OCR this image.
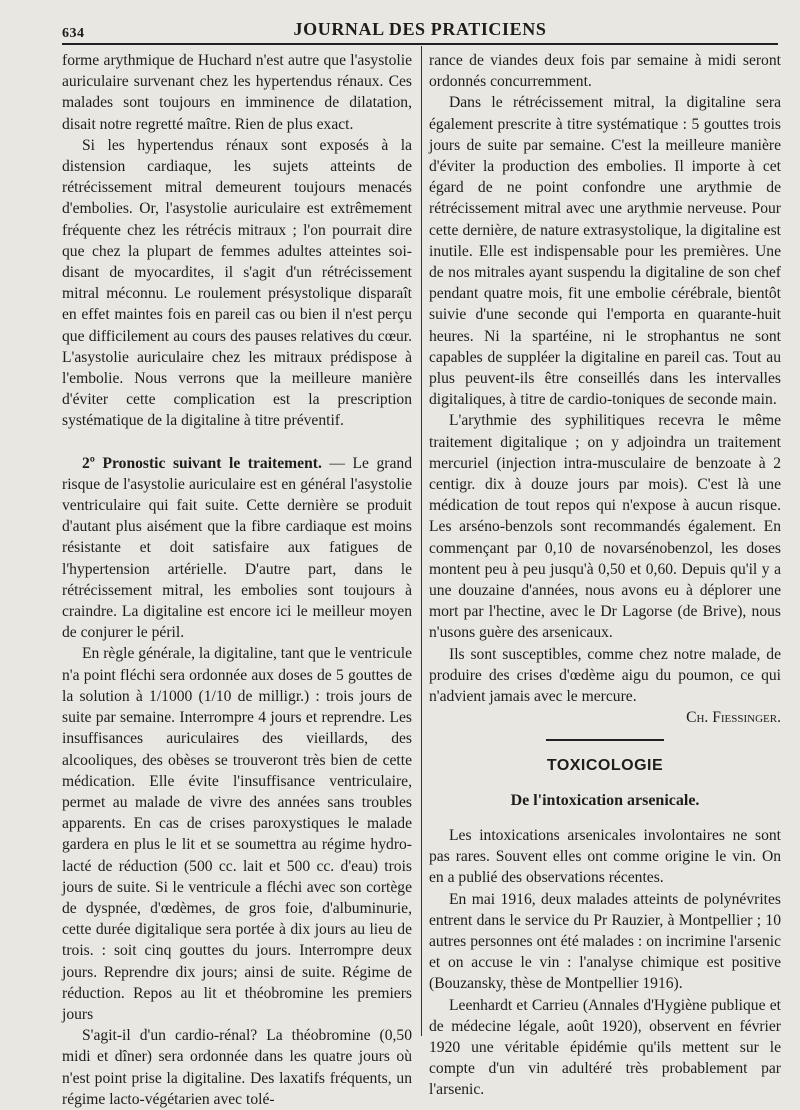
634	JOURNAL DES PRATICIENS

forme arythmique de Huchard n'est autre que l'asystolie auriculaire survenant chez les hypertendus rénaux. Ces malades sont toujours en imminence de dilatation, disait notre regretté maître. Rien de plus exact.

Si les hypertendus rénaux sont exposés à la distension cardiaque, les sujets atteints de rétrécissement mitral demeurent toujours menacés d'embolies. Or, l'asystolie auriculaire est extrêmement fréquente chez les rétrécis mitraux ; l'on pourrait dire que chez la plupart de femmes adultes atteintes soi-disant de myocardites, il s'agit d'un rétrécissement mitral méconnu. Le roulement présystolique disparaît en effet maintes fois en pareil cas ou bien il n'est perçu que difficilement au cours des pauses relatives du cœur. L'asystolie auriculaire chez les mitraux prédispose à l'embolie. Nous verrons que la meilleure manière d'éviter cette complication est la prescription systématique de la digitaline à titre préventif.

2º Pronostic suivant le traitement. — Le grand risque de l'asystolie auriculaire est en général l'asystolie ventriculaire qui fait suite. Cette dernière se produit d'autant plus aisément que la fibre cardiaque est moins résistante et doit satisfaire aux fatigues de l'hypertension artérielle. D'autre part, dans le rétrécissement mitral, les embolies sont toujours à craindre. La digitaline est encore ici le meilleur moyen de conjurer le péril.

En règle générale, la digitaline, tant que le ventricule n'a point fléchi sera ordonnée aux doses de 5 gouttes de la solution à 1/1000 (1/10 de milligr.) : trois jours de suite par semaine. Interrompre 4 jours et reprendre. Les insuffisances auriculaires des vieillards, des alcooliques, des obèses se trouveront très bien de cette médication. Elle évite l'insuffisance ventriculaire, permet au malade de vivre des années sans troubles apparents. En cas de crises paroxystiques le malade gardera en plus le lit et se soumettra au régime hydro-lacté de réduction (500 cc. lait et 500 cc. d'eau) trois jours de suite. Si le ventricule a fléchi avec son cortège de dyspnée, d'œdèmes, de gros foie, d'albuminurie, cette durée digitalique sera portée à dix jours au lieu de trois. : soit cinq gouttes du jours. Interrompre deux jours. Reprendre dix jours; ainsi de suite. Régime de réduction. Repos au lit et théobromine les premiers jours

S'agit-il d'un cardio-rénal? La théobromine (0,50 midi et dîner) sera ordonnée dans les quatre jours où n'est point prise la digitaline. Des laxatifs fréquents, un régime lacto-végétarien avec tolé-

rance de viandes deux fois par semaine à midi seront ordonnés concurremment.

Dans le rétrécissement mitral, la digitaline sera également prescrite à titre systématique : 5 gouttes trois jours de suite par semaine. C'est la meilleure manière d'éviter la production des embolies. Il importe à cet égard de ne point confondre une arythmie de rétrécissement mitral avec une arythmie nerveuse. Pour cette dernière, de nature extrasystolique, la digitaline est inutile. Elle est indispensable pour les premières. Une de nos mitrales ayant suspendu la digitaline de son chef pendant quatre mois, fit une embolie cérébrale, bientôt suivie d'une seconde qui l'emporta en quarante-huit heures. Ni la spartéine, ni le strophantus ne sont capables de suppléer la digitaline en pareil cas. Tout au plus peuvent-ils être conseillés dans les intervalles digitaliques, à titre de cardio-toniques de seconde main.

L'arythmie des syphilitiques recevra le même traitement digitalique ; on y adjoindra un traitement mercuriel (injection intra-musculaire de benzoate à 2 centigr. dix à douze jours par mois). C'est là une médication de tout repos qui n'expose à aucun risque. Les arséno-benzols sont recommandés également. En commençant par 0,10 de novarsénobenzol, les doses montent peu à peu jusqu'à 0,50 et 0,60. Depuis qu'il y a une douzaine d'années, nous avons eu à déplorer une mort par l'hectine, avec le Dr Lagorse (de Brive), nous n'usons guère des arsenicaux.

Ils sont susceptibles, comme chez notre malade, de produire des crises d'œdème aigu du poumon, ce qui n'advient jamais avec le mercure.

Ch. Fiessinger.

TOXICOLOGIE
De l'intoxication arsenicale.

Les intoxications arsenicales involontaires ne sont pas rares. Souvent elles ont comme origine le vin. On en a publié des observations récentes.

En mai 1916, deux malades atteints de polynévrites entrent dans le service du Pr Rauzier, à Montpellier ; 10 autres personnes ont été malades : on incrimine l'arsenic et on accuse le vin : l'analyse chimique est positive (Bouzansky, thèse de Montpellier 1916).

Leenhardt et Carrieu (Annales d'Hygiène publique et de médecine légale, août 1920), observent en février 1920 une véritable épidémie qu'ils mettent sur le compte d'un vin adultéré très probablement par l'arsenic.
